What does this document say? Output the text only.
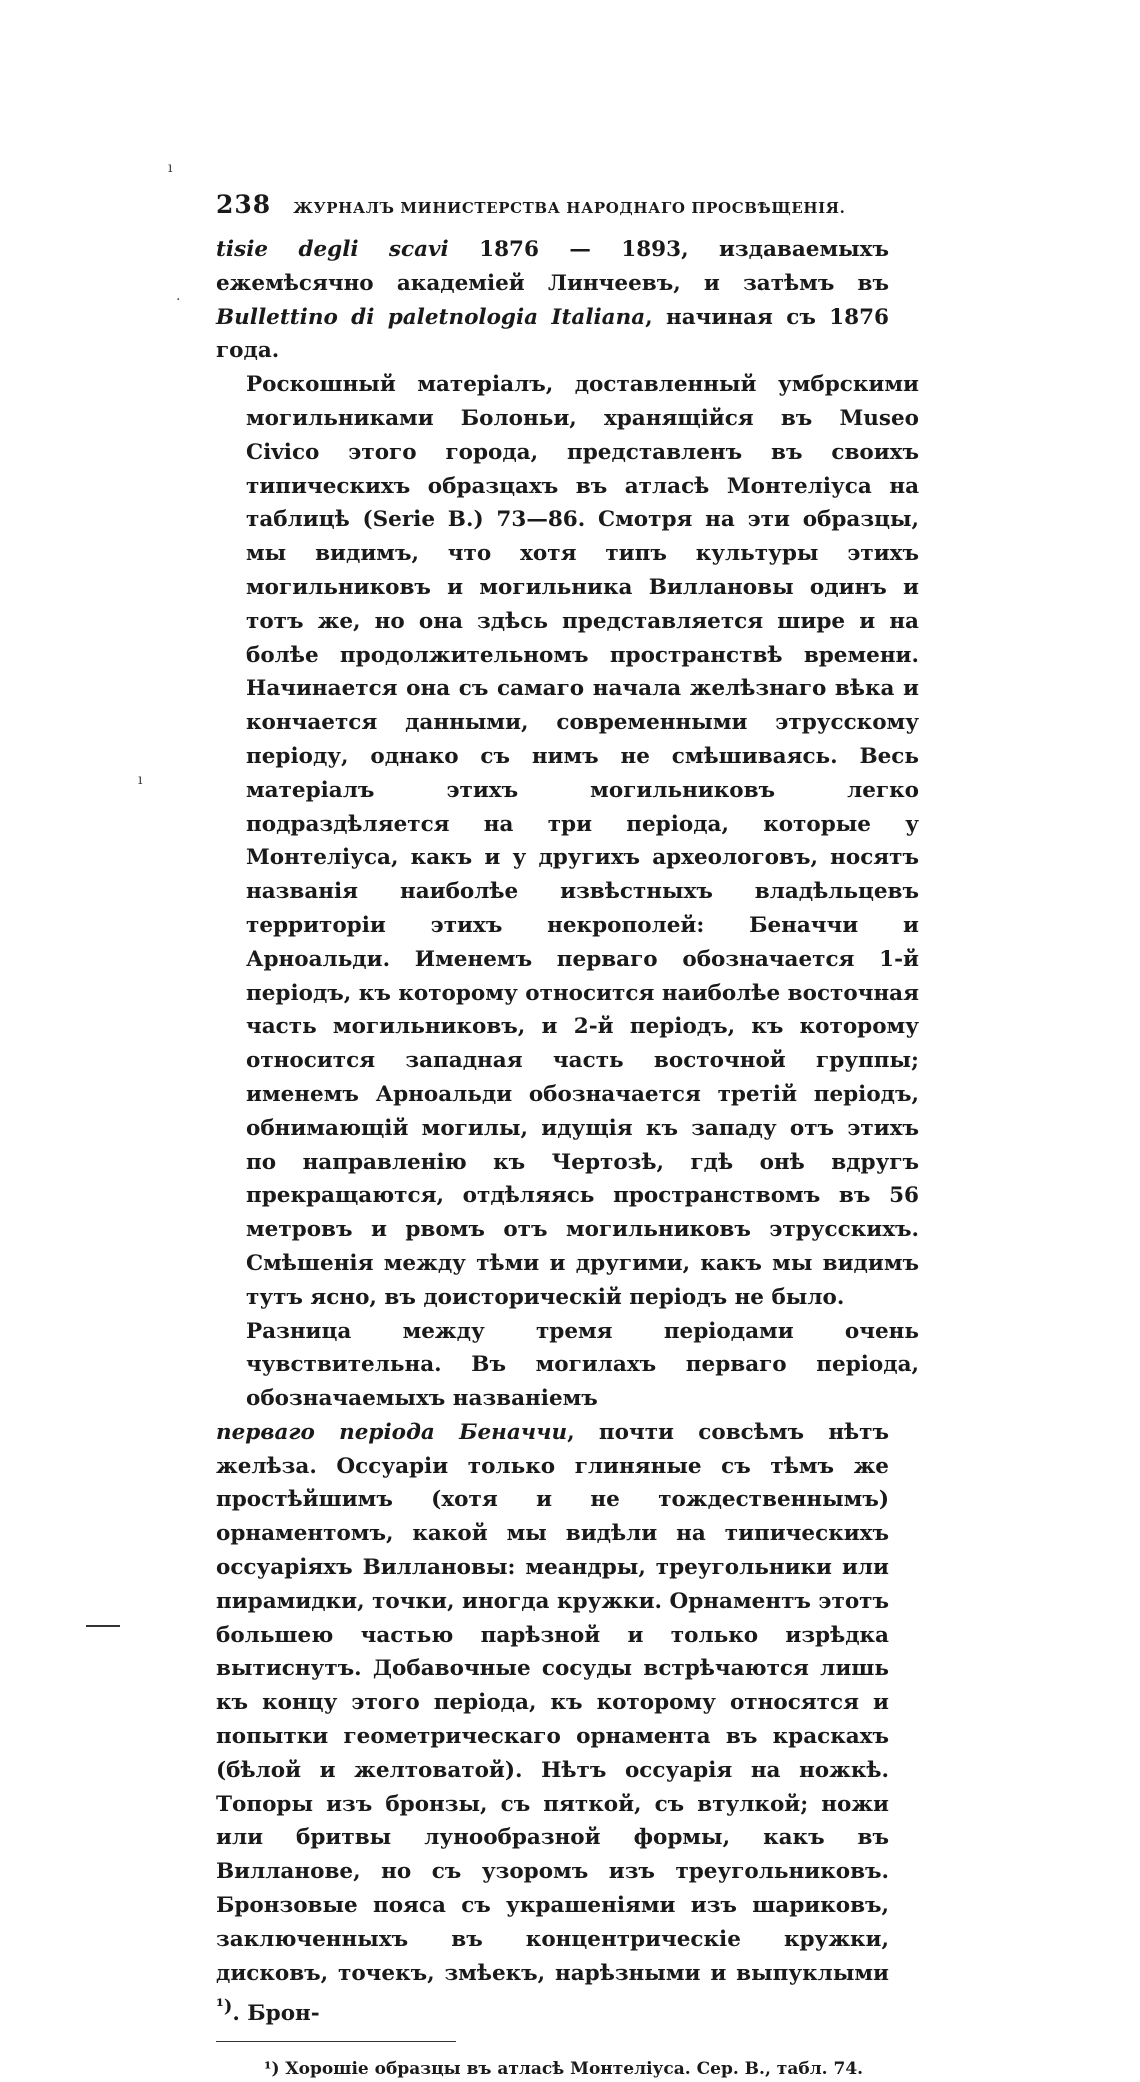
238 ЖУРНАЛЪ МИНИСТЕРСТВА НАРОДНАГО ПРОСВѢЩЕНІЯ.

tisie degli scavi 1876 — 1893, издаваемыхъ ежемѣсячно академіей Линчеевъ, и затѣмъ въ Bullettino di paletnologia Italiana, начиная съ 1876 года.

Роскошный матеріалъ, доставленный умбрскими могильниками Болоньи, хранящійся въ Museo Civico этого города, представленъ въ своихъ типическихъ образцахъ въ атласѣ Монтеліуса на таблицѣ (Serie B.) 73—86. Смотря на эти образцы, мы видимъ, что хотя типъ культуры этихъ могильниковъ и могильника Виллановы одинъ и тотъ же, но она здѣсь представляется шире и на болѣе продолжительномъ пространствѣ времени. Начинается она съ самаго начала желѣзнаго вѣка и кончается данными, современными этрусскому періоду, однако съ нимъ не смѣшиваясь. Весь матеріалъ этихъ могильниковъ легко подраздѣляется на три періода, которые у Монтеліуса, какъ и у другихъ археологовъ, носятъ названія наиболѣе извѣстныхъ владѣльцевъ территоріи этихъ некрополей: Беначчи и Арноальди. Именемъ перваго обозначается 1-й періодъ, къ которому относится наиболѣе восточная часть могильниковъ, и 2-й періодъ, къ которому относится западная часть восточной группы; именемъ Арноальди обозначается третій періодъ, обнимающій могилы, идущія къ западу отъ этихъ по направленію къ Чертозѣ, гдѣ онѣ вдругъ прекращаются, отдѣляясь пространствомъ въ 56 метровъ и рвомъ отъ могильниковъ этрусскихъ. Смѣшенія между тѣми и другими, какъ мы видимъ тутъ ясно, въ доисторическій періодъ не было.

Разница между тремя періодами очень чувствительна. Въ могилахъ перваго періода, обозначаемыхъ названіемъперваго періода Беначчи, почти совсѣмъ нѣтъ желѣза. Оссуаріи только глиняные съ тѣмъ же простѣйшимъ (хотя и не тождественнымъ) орнаментомъ, какой мы видѣли на типическихъ оссуаріяхъ Виллановы: меандры, треугольники или пирамидки, точки, иногда кружки. Орнаментъ этотъ большею частью парѣзной и только изрѣдка вытиснутъ. Добавочные сосуды встрѣчаются лишь къ концу этого періода, къ которому относятся и попытки геометрическаго орнамента въ краскахъ (бѣлой и желтоватой). Нѣтъ оссуарія на ножкѣ. Топоры изъ бронзы, съ пяткой, съ втулкой; ножи или бритвы лунообразной формы, какъ въ Вилланове, но съ узоромъ изъ треугольниковъ. Бронзовые пояса съ украшеніями изъ шариковъ, заключенныхъ въ концентрическіе кружки, дисковъ, точекъ, змѣекъ, нарѣзными и выпуклыми $^{^1)}$. Брон-

¹) Хорошіе образцы въ атласѣ Монтеліуса. Сер. В., табл. 74.
ı
·
ı
